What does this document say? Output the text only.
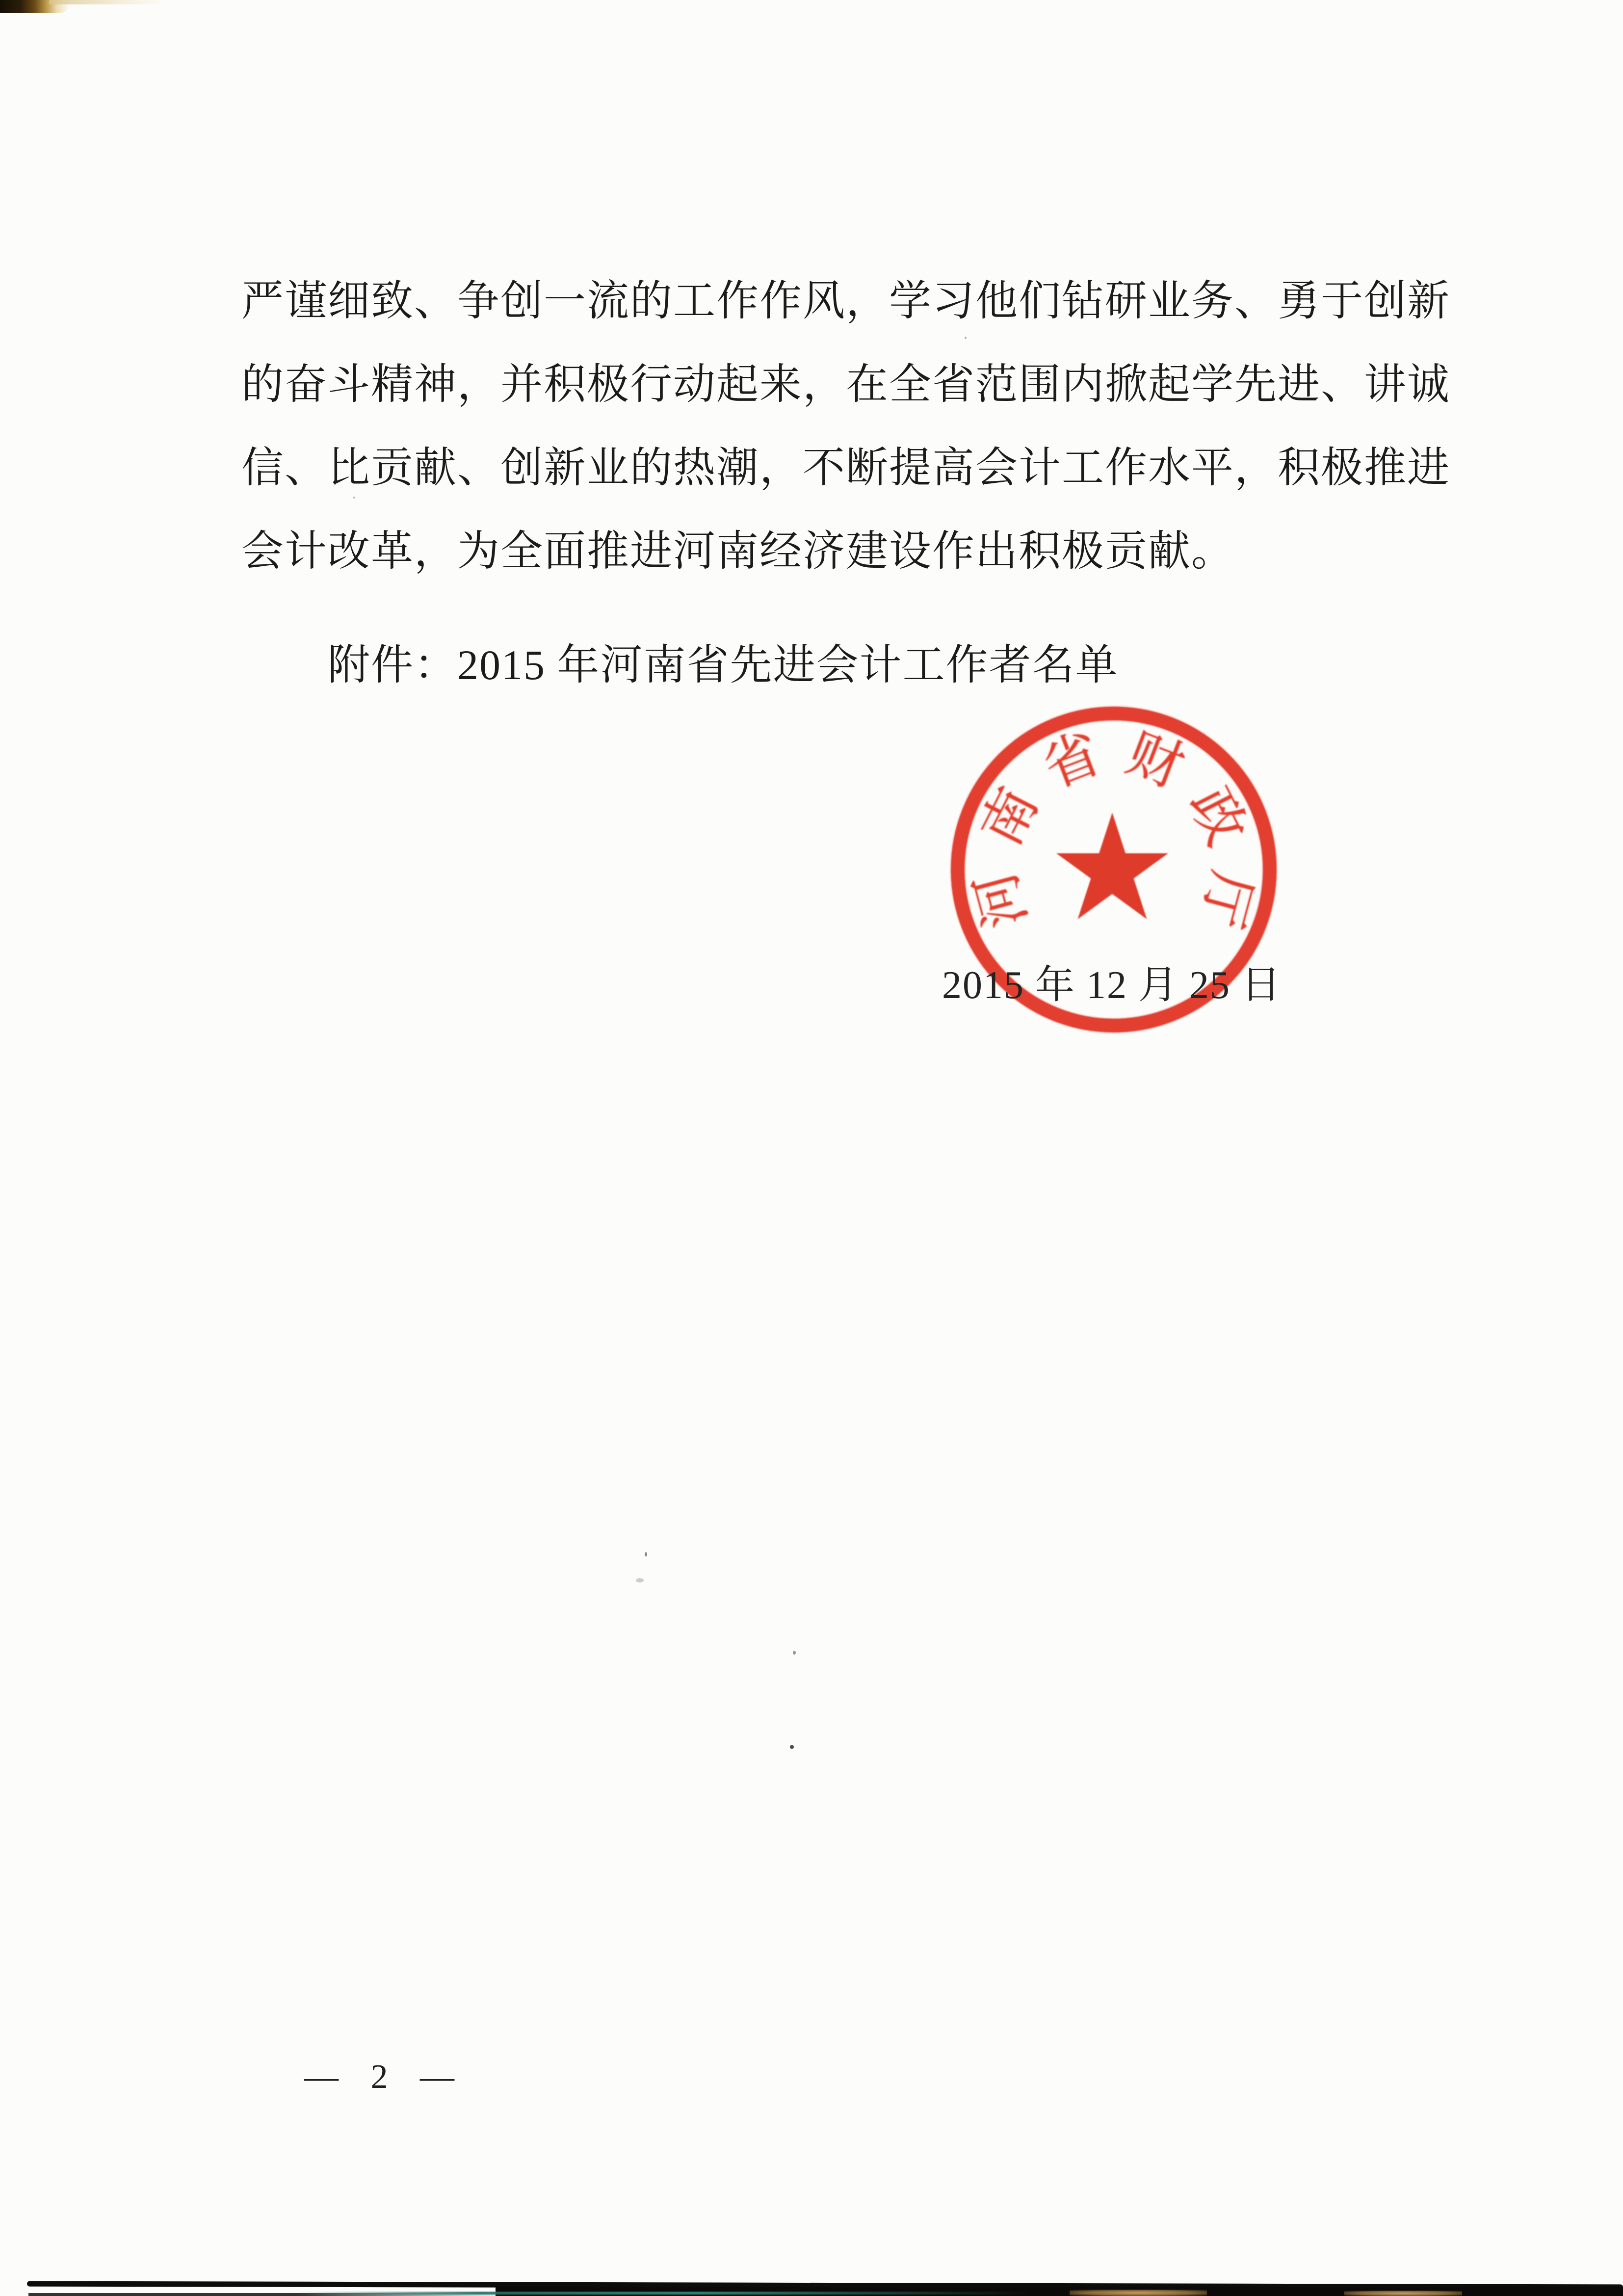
严谨细致、争创一流的工作作风，学习他们钻研业务、勇于创新
的奋斗精神，并积极行动起来，在全省范围内掀起学先进、讲诚
信、比贡献、创新业的热潮，不断提高会计工作水平，积极推进
会计改革，为全面推进河南经济建设作出积极贡献。
附件：2015 年河南省先进会计工作者名单
河
南
省 财
政
厅
2015 年 12 月 25 日
— 2 —
